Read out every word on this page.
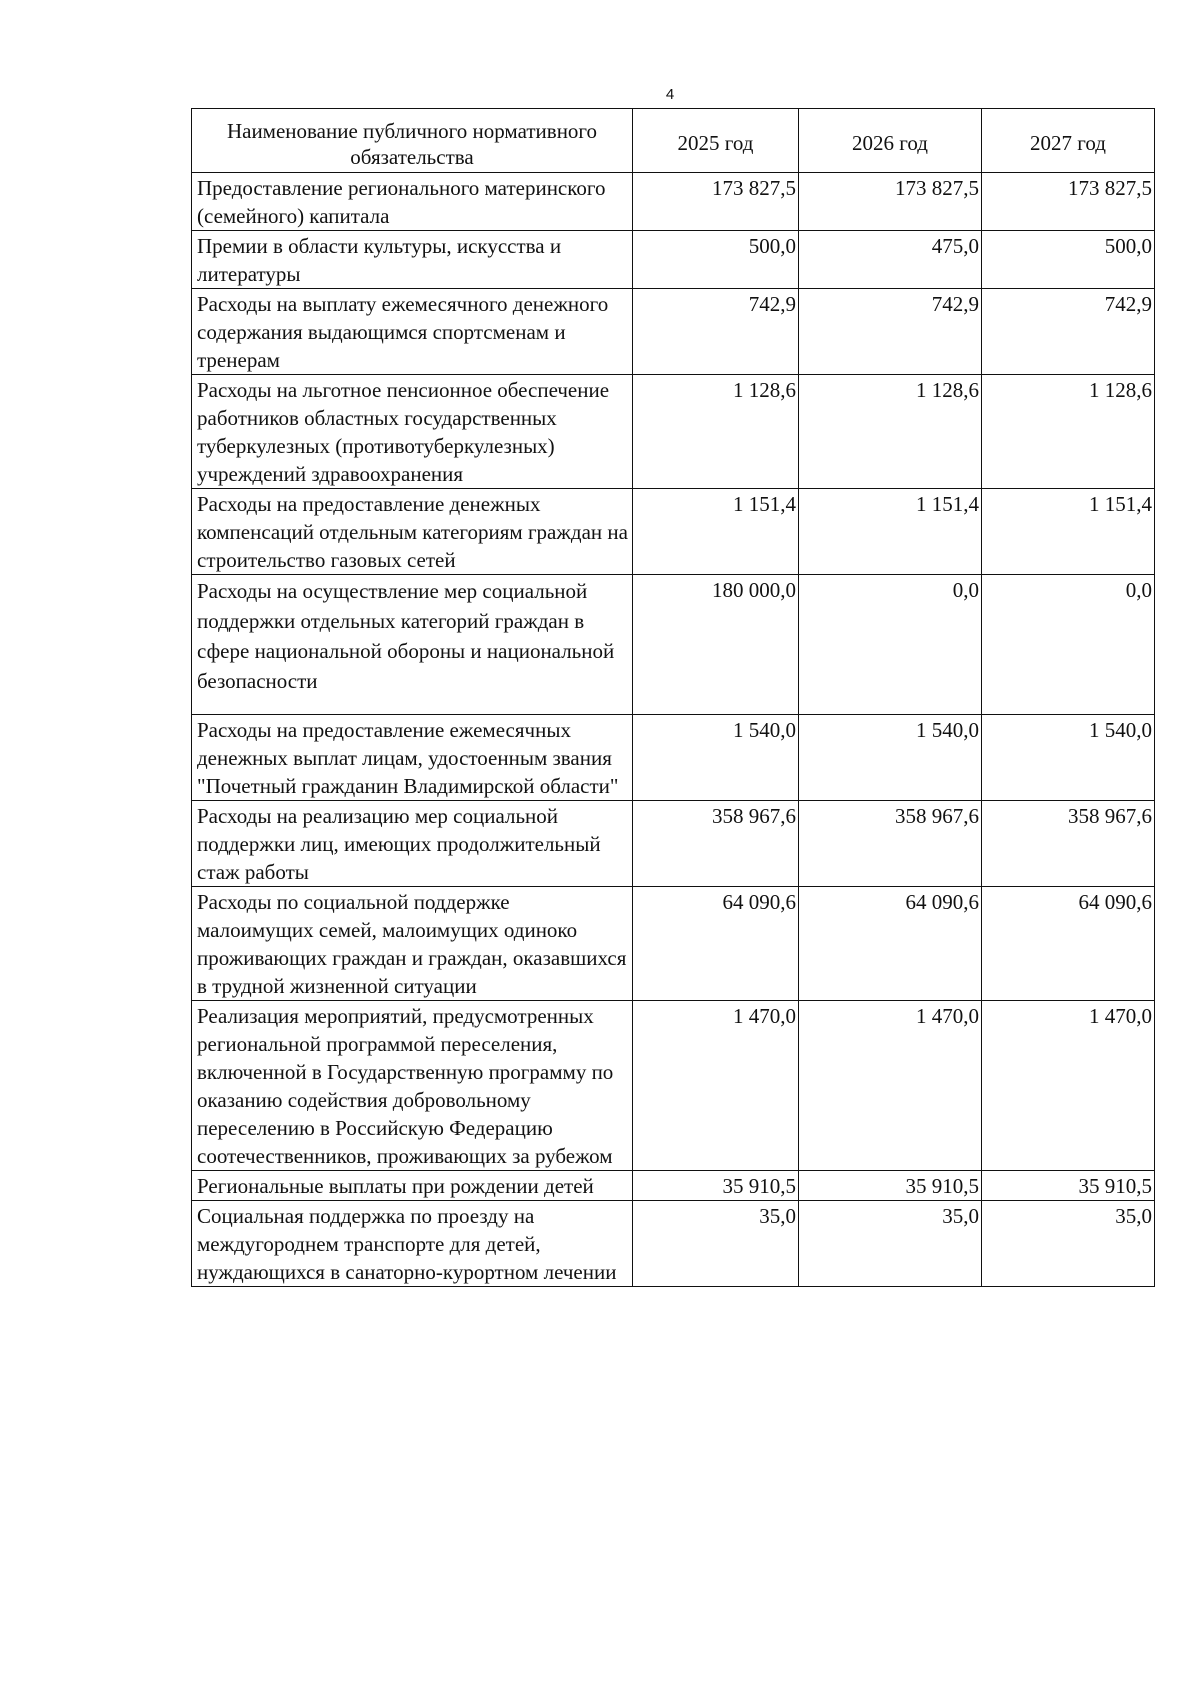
4
Наименование публичного нормативного обязательства	2025 год	2026 год	2027 год
Предоставление регионального материнского (семейного) капитала	173 827,5	173 827,5	173 827,5
Премии в области культуры, искусства и литературы	500,0	475,0	500,0
Расходы на выплату ежемесячного денежного содержания выдающимся спортсменам и тренерам	742,9	742,9	742,9
Расходы на льготное пенсионное обеспечение работников областных государственных туберкулезных (противотуберкулезных) учреждений здравоохранения	1 128,6	1 128,6	1 128,6
Расходы на предоставление денежных компенсаций отдельным категориям граждан на строительство газовых сетей	1 151,4	1 151,4	1 151,4
Расходы на осуществление мер социальной поддержки отдельных категорий граждан в сфере национальной обороны и национальной безопасности	180 000,0	0,0	0,0
Расходы на предоставление ежемесячных денежных выплат лицам, удостоенным звания "Почетный гражданин Владимирской области"	1 540,0	1 540,0	1 540,0
Расходы на реализацию мер социальной поддержки лиц, имеющих продолжительный стаж работы	358 967,6	358 967,6	358 967,6
Расходы по социальной поддержке малоимущих семей, малоимущих одиноко проживающих граждан и граждан, оказавшихся в трудной жизненной ситуации	64 090,6	64 090,6	64 090,6
Реализация мероприятий, предусмотренных региональной программой переселения, включенной в Государственную программу по оказанию содействия добровольному переселению в Российскую Федерацию соотечественников, проживающих за рубежом	1 470,0	1 470,0	1 470,0
Региональные выплаты при рождении детей	35 910,5	35 910,5	35 910,5
Социальная поддержка по проезду на междугороднем транспорте для детей, нуждающихся в санаторно-курортном лечении	35,0	35,0	35,0
